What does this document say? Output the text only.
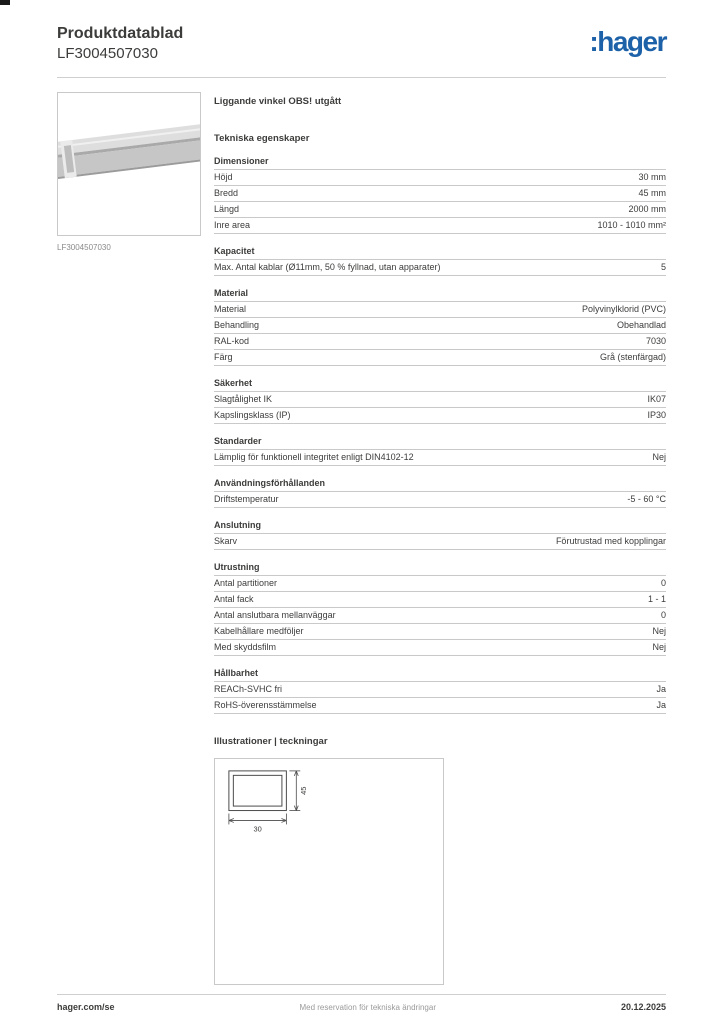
Produktdatablad
LF3004507030	:hager
LF3004507030
Liggande vinkel OBS! utgått
Tekniska egenskaper
Dimensioner
Höjd	30 mm
Bredd	45 mm
Längd	2000 mm
Inre area	1010 - 1010 mm²
Kapacitet
Max. Antal kablar (Ø11mm, 50 % fyllnad, utan apparater)	5
Material
Material	Polyvinylklorid (PVC)
Behandling	Obehandlad
RAL-kod	7030
Färg	Grå (stenfärgad)
Säkerhet
Slagtålighet IK	IK07
Kapslingsklass (IP)	IP30
Standarder
Lämplig för funktionell integritet enligt DIN4102-12	Nej
Användningsförhållanden
Driftstemperatur	-5 - 60 °C
Anslutning
Skarv	Förutrustad med kopplingar
Utrustning
Antal partitioner	0
Antal fack	1 - 1
Antal anslutbara mellanväggar	0
Kabelhållare medföljer	Nej
Med skyddsfilm	Nej
Hållbarhet
REACh-SVHC fri	Ja
RoHS-överensstämmelse	Ja
Illustrationer | teckningar
30
45
hager.com/se	Med reservation för tekniska ändringar	20.12.2025
